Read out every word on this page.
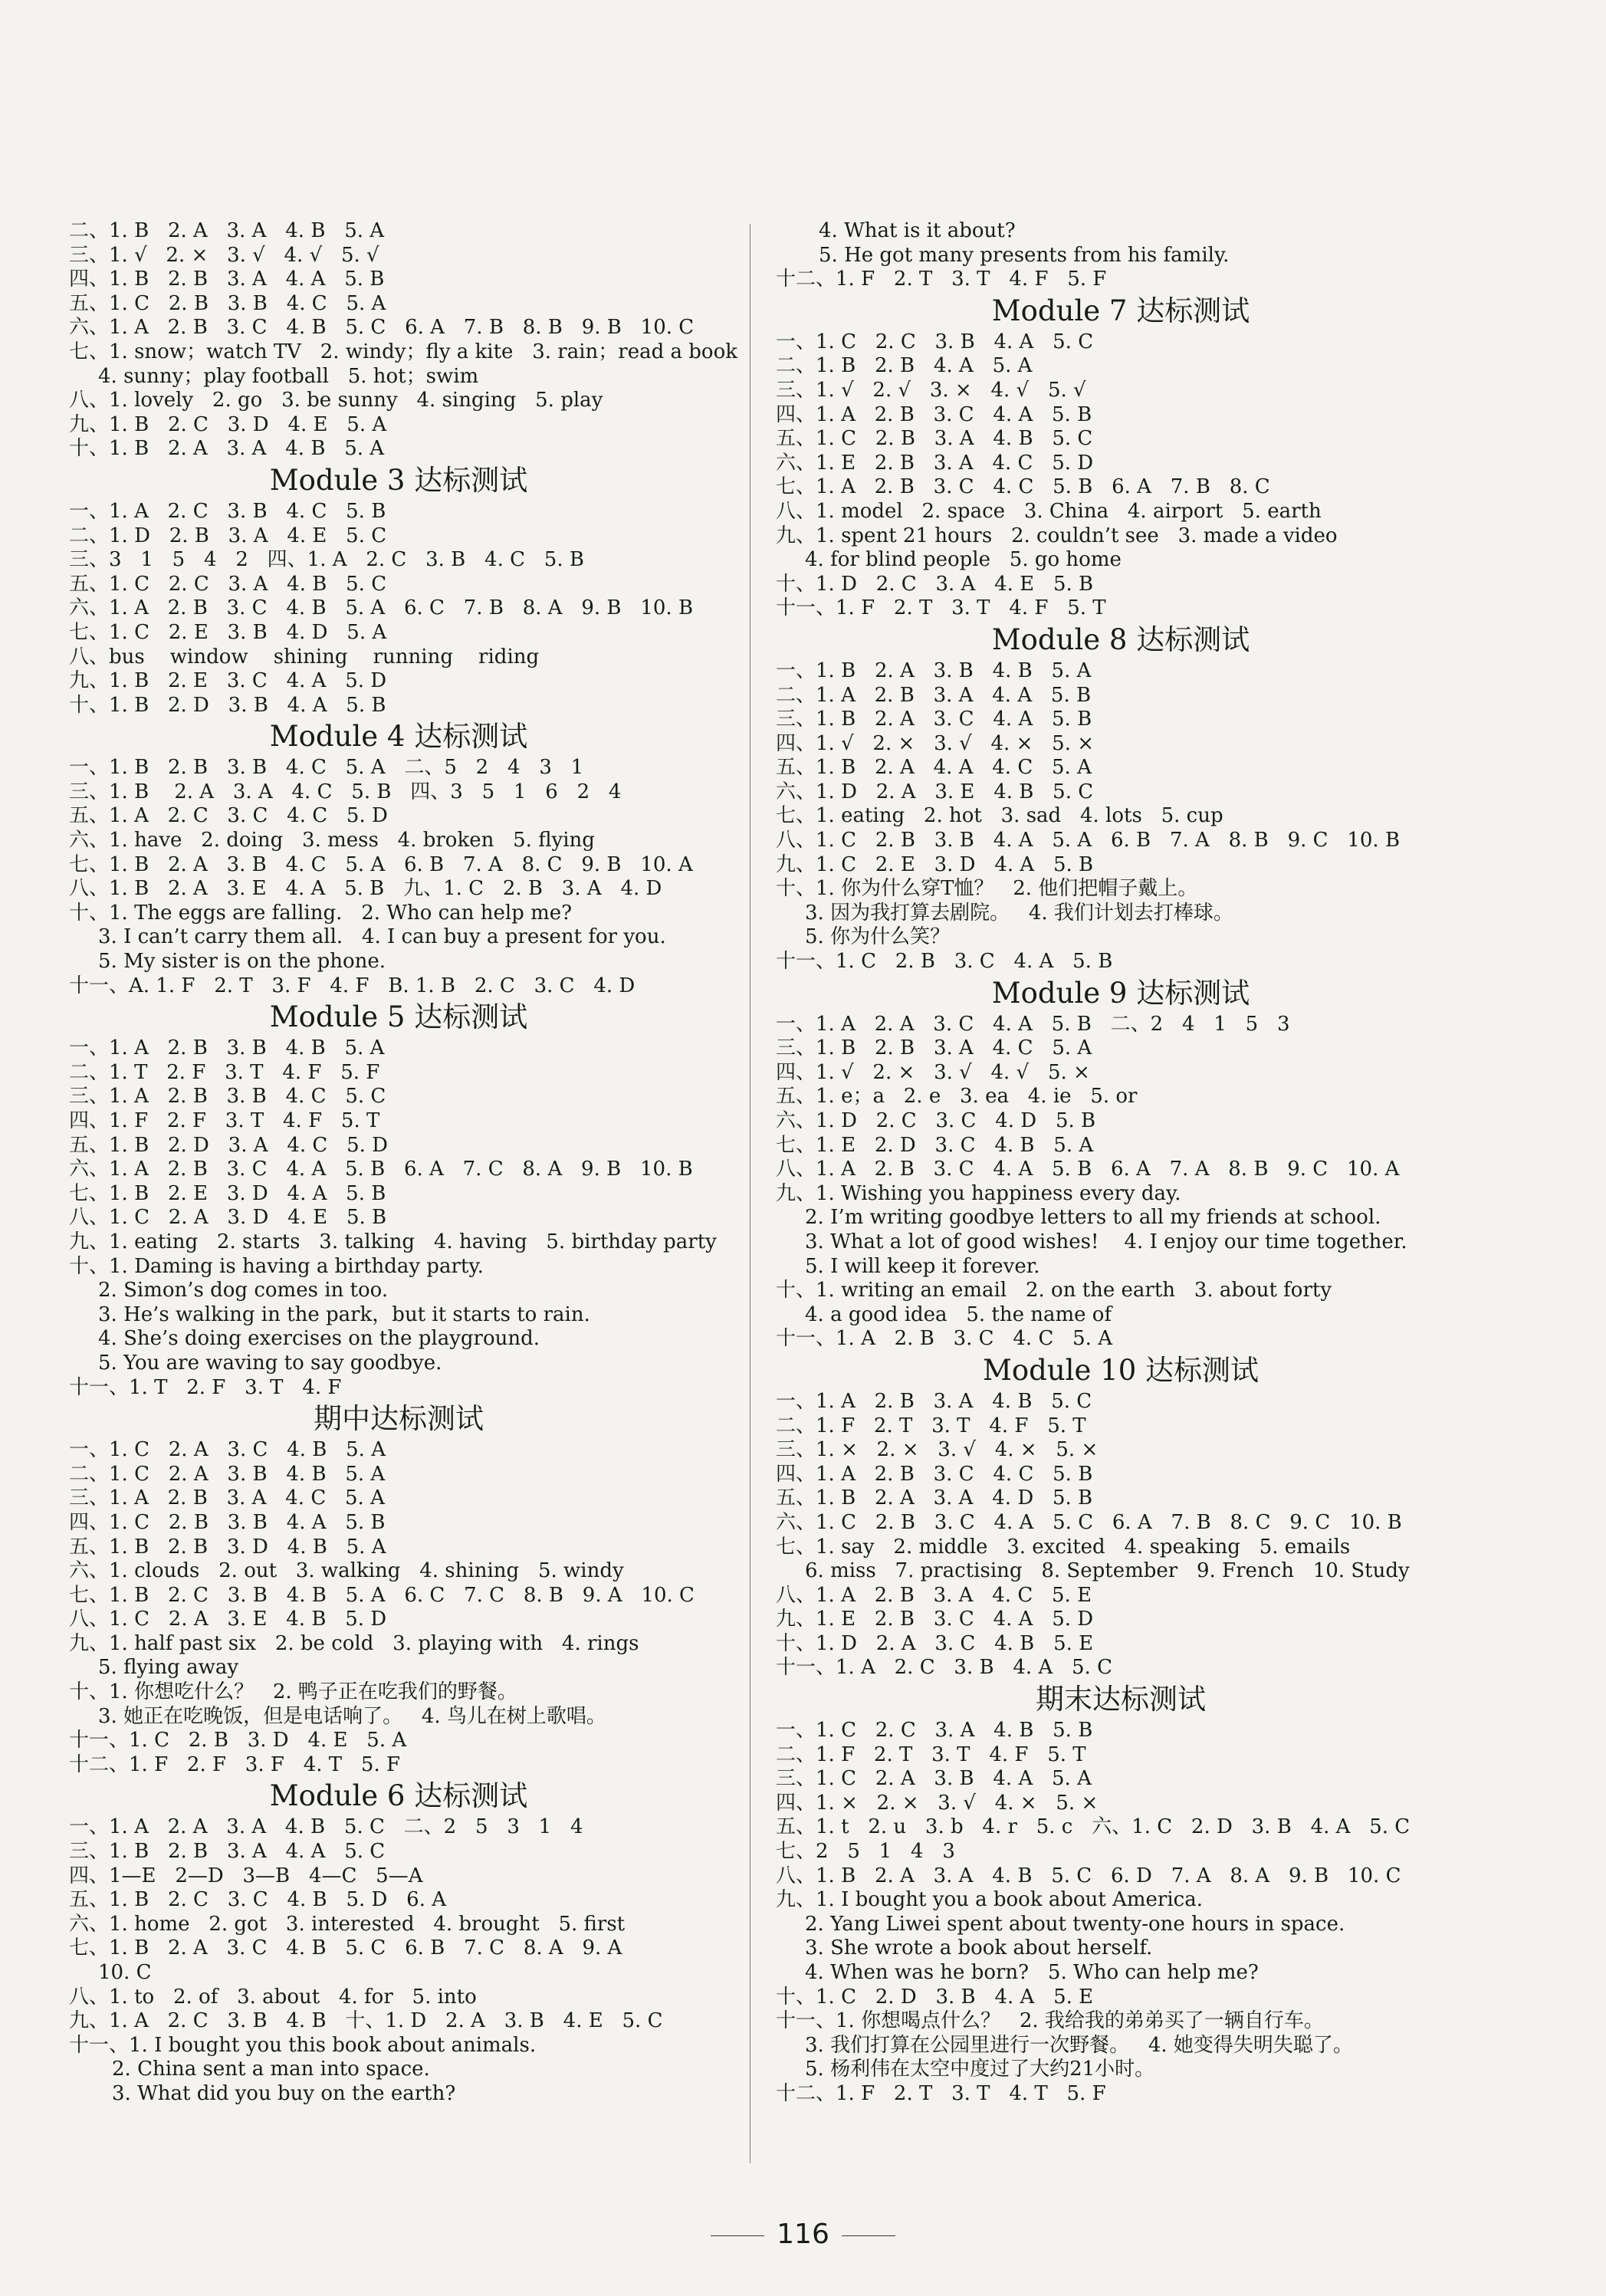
二、1. B   2. A   3. A   4. B   5. A
三、1. √   2. ×   3. √   4. √   5. √
四、1. B   2. B   3. A   4. A   5. B
五、1. C   2. B   3. B   4. C   5. A
六、1. A   2. B   3. C   4. B   5. C   6. A   7. B   8. B   9. B   10. C
七、1. snow；watch TV   2. windy；fly a kite   3. rain；read a book
4. sunny；play football   5. hot；swim
八、1. lovely   2. go   3. be sunny   4. singing   5. play
九、1. B   2. C   3. D   4. E   5. A
十、1. B   2. A   3. A   4. B   5. A
Module 3 达标测试
一、1. A   2. C   3. B   4. C   5. B
二、1. D   2. B   3. A   4. E   5. C
三、3   1   5   4   2   四、1. A   2. C   3. B   4. C   5. B
五、1. C   2. C   3. A   4. B   5. C
六、1. A   2. B   3. C   4. B   5. A   6. C   7. B   8. A   9. B   10. B
七、1. C   2. E   3. B   4. D   5. A
八、bus    window    shining    running    riding
九、1. B   2. E   3. C   4. A   5. D
十、1. B   2. D   3. B   4. A   5. B
Module 4 达标测试
一、1. B   2. B   3. B   4. C   5. A   二、5   2   4   3   1
三、1. B    2. A   3. A   4. C   5. B   四、3   5   1   6   2   4
五、1. A   2. C   3. C   4. C   5. D
六、1. have   2. doing   3. mess   4. broken   5. flying
七、1. B   2. A   3. B   4. C   5. A   6. B   7. A   8. C   9. B   10. A
八、1. B   2. A   3. E   4. A   5. B   九、1. C   2. B   3. A   4. D
十、1. The eggs are falling.   2. Who can help me?
3. I can’t carry them all.   4. I can buy a present for you.
5. My sister is on the phone.
十一、A. 1. F   2. T   3. F   4. F   B. 1. B   2. C   3. C   4. D
Module 5 达标测试
一、1. A   2. B   3. B   4. B   5. A
二、1. T   2. F   3. T   4. F   5. F
三、1. A   2. B   3. B   4. C   5. C
四、1. F   2. F   3. T   4. F   5. T
五、1. B   2. D   3. A   4. C   5. D
六、1. A   2. B   3. C   4. A   5. B   6. A   7. C   8. A   9. B   10. B
七、1. B   2. E   3. D   4. A   5. B
八、1. C   2. A   3. D   4. E   5. B
九、1. eating   2. starts   3. talking   4. having   5. birthday party
十、1. Daming is having a birthday party.
2. Simon’s dog comes in too.
3. He’s walking in the park，but it starts to rain.
4. She’s doing exercises on the playground.
5. You are waving to say goodbye.
十一、1. T   2. F   3. T   4. F
期中达标测试
一、1. C   2. A   3. C   4. B   5. A
二、1. C   2. A   3. B   4. B   5. A
三、1. A   2. B   3. A   4. C   5. A
四、1. C   2. B   3. B   4. A   5. B
五、1. B   2. B   3. D   4. B   5. A
六、1. clouds   2. out   3. walking   4. shining   5. windy
七、1. B   2. C   3. B   4. B   5. A   6. C   7. C   8. B   9. A   10. C
八、1. C   2. A   3. E   4. B   5. D
九、1. half past six   2. be cold   3. playing with   4. rings
5. flying away
十、1. 你想吃什么？   2. 鸭子正在吃我们的野餐。
3. 她正在吃晚饭，但是电话响了。   4. 鸟儿在树上歌唱。
十一、1. C   2. B   3. D   4. E   5. A
十二、1. F   2. F   3. F   4. T   5. F
Module 6 达标测试
一、1. A   2. A   3. A   4. B   5. C   二、2   5   3   1   4
三、1. B   2. B   3. A   4. A   5. C
四、1—E   2—D   3—B   4—C   5—A
五、1. B   2. C   3. C   4. B   5. D   6. A
六、1. home   2. got   3. interested   4. brought   5. first
七、1. B   2. A   3. C   4. B   5. C   6. B   7. C   8. A   9. A
10. C
八、1. to   2. of   3. about   4. for   5. into
九、1. A   2. C   3. B   4. B   十、1. D   2. A   3. B   4. E   5. C
十一、1. I bought you this book about animals.
2. China sent a man into space.
3. What did you buy on the earth?
4. What is it about?
5. He got many presents from his family.
十二、1. F   2. T   3. T   4. F   5. F
Module 7 达标测试
一、1. C   2. C   3. B   4. A   5. C
二、1. B   2. B   4. A   5. A
三、1. √   2. √   3. ×   4. √   5. √
四、1. A   2. B   3. C   4. A   5. B
五、1. C   2. B   3. A   4. B   5. C
六、1. E   2. B   3. A   4. C   5. D
七、1. A   2. B   3. C   4. C   5. B   6. A   7. B   8. C
八、1. model   2. space   3. China   4. airport   5. earth
九、1. spent 21 hours   2. couldn’t see   3. made a video
4. for blind people   5. go home
十、1. D   2. C   3. A   4. E   5. B
十一、1. F   2. T   3. T   4. F   5. T
Module 8 达标测试
一、1. B   2. A   3. B   4. B   5. A
二、1. A   2. B   3. A   4. A   5. B
三、1. B   2. A   3. C   4. A   5. B
四、1. √   2. ×   3. √   4. ×   5. ×
五、1. B   2. A   4. A   4. C   5. A
六、1. D   2. A   3. E   4. B   5. C
七、1. eating   2. hot   3. sad   4. lots   5. cup
八、1. C   2. B   3. B   4. A   5. A   6. B   7. A   8. B   9. C   10. B
九、1. C   2. E   3. D   4. A   5. B
十、1. 你为什么穿T恤？   2. 他们把帽子戴上。
3. 因为我打算去剧院。   4. 我们计划去打棒球。
5. 你为什么笑？
十一、1. C   2. B   3. C   4. A   5. B
Module 9 达标测试
一、1. A   2. A   3. C   4. A   5. B   二、2   4   1   5   3
三、1. B   2. B   3. A   4. C   5. A
四、1. √   2. ×   3. √   4. √   5. ×
五、1. e；a   2. e   3. ea   4. ie   5. or
六、1. D   2. C   3. C   4. D   5. B
七、1. E   2. D   3. C   4. B   5. A
八、1. A   2. B   3. C   4. A   5. B   6. A   7. A   8. B   9. C   10. A
九、1. Wishing you happiness every day.
2. I’m writing goodbye letters to all my friends at school.
3. What a lot of good wishes!    4. I enjoy our time together.
5. I will keep it forever.
十、1. writing an email   2. on the earth   3. about forty
4. a good idea   5. the name of
十一、1. A   2. B   3. C   4. C   5. A
Module 10 达标测试
一、1. A   2. B   3. A   4. B   5. C
二、1. F   2. T   3. T   4. F   5. T
三、1. ×   2. ×   3. √   4. ×   5. ×
四、1. A   2. B   3. C   4. C   5. B
五、1. B   2. A   3. A   4. D   5. B
六、1. C   2. B   3. C   4. A   5. C   6. A   7. B   8. C   9. C   10. B
七、1. say   2. middle   3. excited   4. speaking   5. emails
6. miss   7. practising   8. September   9. French   10. Study
八、1. A   2. B   3. A   4. C   5. E
九、1. E   2. B   3. C   4. A   5. D
十、1. D   2. A   3. C   4. B   5. E
十一、1. A   2. C   3. B   4. A   5. C
期末达标测试
一、1. C   2. C   3. A   4. B   5. B
二、1. F   2. T   3. T   4. F   5. T
三、1. C   2. A   3. B   4. A   5. A
四、1. ×   2. ×   3. √   4. ×   5. ×
五、1. t   2. u   3. b   4. r   5. c   六、1. C   2. D   3. B   4. A   5. C
七、2   5   1   4   3
八、1. B   2. A   3. A   4. B   5. C   6. D   7. A   8. A   9. B   10. C
九、1. I bought you a book about America.
2. Yang Liwei spent about twenty-one hours in space.
3. She wrote a book about herself.
4. When was he born?   5. Who can help me?
十、1. C   2. D   3. B   4. A   5. E
十一、1. 你想喝点什么？   2. 我给我的弟弟买了一辆自行车。
3. 我们打算在公园里进行一次野餐。   4. 她变得失明失聪了。
5. 杨利伟在太空中度过了大约21小时。
十二、1. F   2. T   3. T   4. T   5. F
116
